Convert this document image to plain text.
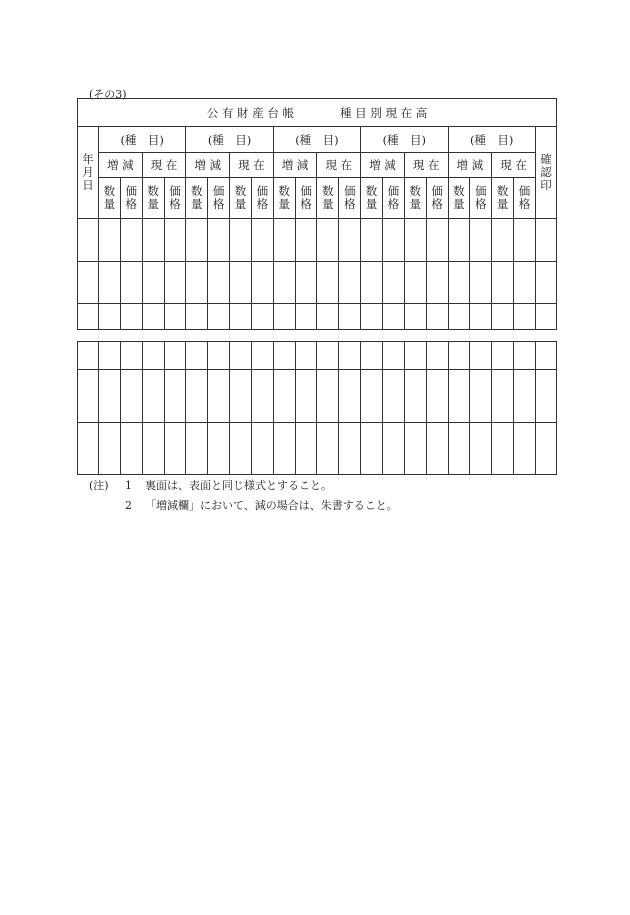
(その3)
公 有 財 産 台 帳　　　　種 目 別 現 在 高																					

年月日	(種　目)				(種　目)				(種　目)				(種　目)				(種　目)				確認印

	増 減		現 在		増 減		現 在		増 減		現 在		増 減		現 在		増 減		現 在		

	数量	価格	数量	価格	数量	価格	数量	価格	数量	価格	数量	価格	数量	価格	数量	価格	数量	価格	数量	価格	

(注)	1	裏面は、表面と同じ様式とすること。
2	「増減欄」において、減の場合は、朱書すること。
